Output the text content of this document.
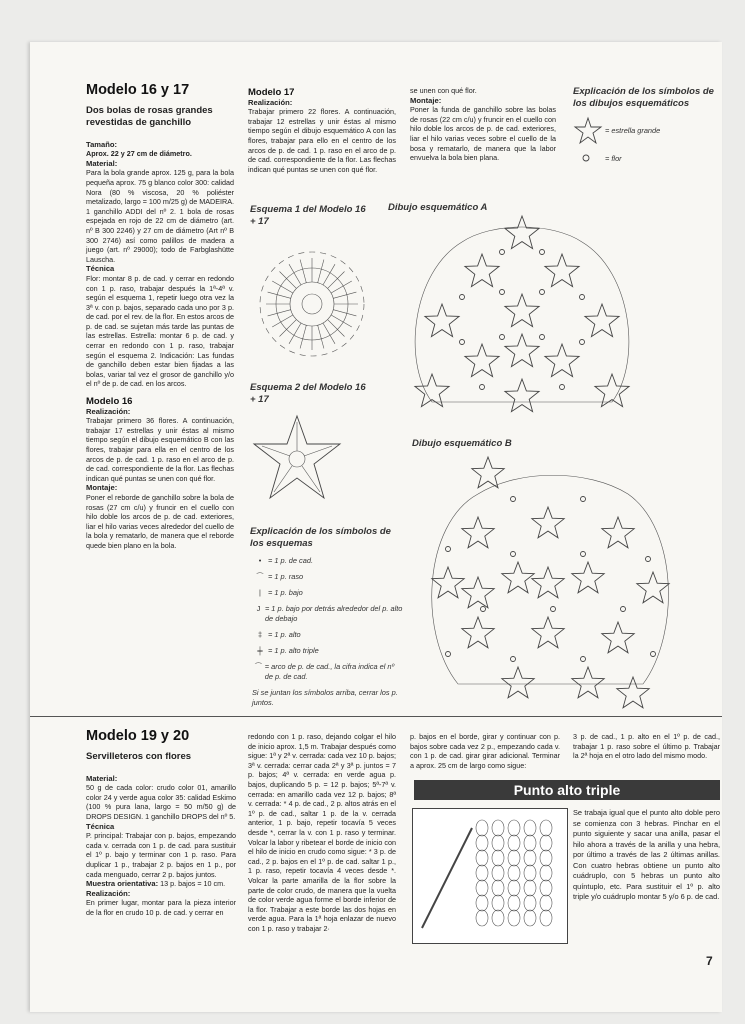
Modelo 16 y 17
Dos bolas de rosas grandes revestidas de ganchillo
Tamaño:

Aprox. 22 y 27 cm de diámetro.

Material:

Para la bola grande aprox. 125 g, para la bola pequeña aprox. 75 g blanco color 300: calidad Nora (80 % viscosa, 20 % poliéster metalizado, largo = 100 m/25 g) de MADEIRA. 1 ganchillo ADDI del nº 2. 1 bola de rosas espejada en rojo de 22 cm de diámetro (art. nº B 300 2246) y 27 cm de diámetro (Art nº B 300 2746) así como palillos de madera a juego (art. nº 29000); todo de Farbglashütte Lauscha.

Técnica

Flor: montar 8 p. de cad. y cerrar en redondo con 1 p. raso, trabajar después la 1ª-4ª v. según el esquema 1, repetir luego otra vez la 3ª v. con p. bajos, separado cada uno por 3 p. de cad. por el rev. de la flor. En estos arcos de p. de cad. se sujetan más tarde las puntas de las estrellas. Estrella: montar 6 p. de cad. y cerrar en redondo con 1 p. raso, trabajar según el esquema 2. Indicación: Las fundas de ganchillo deben estar bien fijadas a las bolas, variar tal vez el grosor de ganchillo y/o el nº de p. de cad. en los arcos.

Modelo 16
Realización:

Trabajar primero 36 flores. A continuación, trabajar 17 estrellas y unir éstas al mismo tiempo según el dibujo esquemático B con las flores, trabajar para ella en el centro de los arcos de p. de cad. 1 p. raso en el arco de p. de cad. correspondiente de la flor. Las flechas indican qué puntas se unen con qué flor.

Montaje:

Poner el reborde de ganchillo sobre la bola de rosas (27 cm c/u) y fruncir en el cuello con hilo doble los arcos de p. de cad. exteriores, liar el hilo varias veces alrededor del cuello de la bola y rematarlo, de manera que el reborde quede bien plano en la bola.

Modelo 17
Realización:

Trabajar primero 22 flores. A continuación, trabajar 12 estrellas y unir éstas al mismo tiempo según el dibujo esquemático A con las flores, trabajar para ello en el centro de los arcos de p. de cad. 1 p. raso en el arco de p. de cad. correspondiente de la flor. Las flechas indican qué puntas se unen con qué flor.

se unen con qué flor.

Montaje:

Poner la funda de ganchillo sobre las bolas de rosas (22 cm c/u) y fruncir en el cuello con hilo doble los arcos de p. de cad. exteriores, liar el hilo varias veces sobre el cuello de la bosa y rematarlo, de manera que la labor envuelva la bola bien plana.

Explicación de los símbolos de los dibujos esquemáticos
= estrella grande
= flor
Esquema 1 del Modelo 16 + 17
Esquema 2 del Modelo 16 + 17
Dibujo esquemático A
Dibujo esquemático B
Explicación de los símbolos de los esquemas
• = 1 p. de cad.
⌒ = 1 p. raso
| = 1 p. bajo
J = 1 p. bajo por detrás alrededor del p. alto de debajo
‡ = 1 p. alto
╪ = 1 p. alto triple
⌒ = arco de p. de cad., la cifra indica el nº de p. de cad.
Si se juntan los símbolos arriba, cerrar los p. juntos.
Modelo 19 y 20
Servilleteros con flores
Material:

50 g de cada color: crudo color 01, amarillo color 24 y verde agua color 35: calidad Eskimo (100 % pura lana, largo = 50 m/50 g) de DROPS DESIGN. 1 ganchillo DROPS del nº 5.

Técnica

P. principal: Trabajar con p. bajos, empezando cada v. cerrada con 1 p. de cad. para sustituir el 1º p. bajo y terminar con 1 p. raso. Para duplicar 1 p., trabajar 2 p. bajos en 1 p., por cada menguado, cerrar 2 p. bajos juntos.

Muestra orientativa: 13 p. bajos = 10 cm.

Realización:

En primer lugar, montar para la pieza interior de la flor en crudo 10 p. de cad. y cerrar en

redondo con 1 p. raso, dejando colgar el hilo de inicio aprox. 1,5 m. Trabajar después como sigue: 1ª y 2ª v. cerrada: cada vez 10 p. bajos; 3ª v. cerrada: cerrar cada 2ª y 3ª p. juntos = 7 p. bajos; 4ª v. cerrada: en verde agua p. bajos, duplicando 5 p. = 12 p. bajos; 5ª-7ª v. cerrada: en amarillo cada vez 12 p. bajos; 8ª v. cerrada: * 4 p. de cad., 2 p. altos atrás en el 1º p. de cad., saltar 1 p. de la v. cerrada anterior, 1 p. bajo, repetir tocavía 5 veces desde *, cerrar la v. con 1 p. raso y terminar. Volcar la labor y ribetear el borde de inicio con el hilo de inicio en crudo como sigue: * 3 p. de cad., 2 p. bajos en el 1º p. de cad. saltar 1 p., 1 p. raso, repetir tocavía 4 veces desde *. Volcar la parte amarilla de la flor sobre la parte de color crudo, de manera que la vuelta de color verde agua forme el borde inferior de la flor. Trabajar a este borde las dos hojas en verde agua. Para la 1ª hoja enlazar de nuevo con 1 p. raso y trabajar 2·

p. bajos en el borde, girar y continuar con p. bajos sobre cada vez 2 p., empezando cada v. con 1 p. de cad. girar girar adicional. Terminar a aprox. 25 cm de largo como sigue:

3 p. de cad., 1 p. alto en el 1º p. de cad., trabajar 1 p. raso sobre el último p. Trabajar la 2ª hoja en el otro lado del mismo modo.

Punto alto triple

Se trabaja igual que el punto alto doble pero se comienza con 3 hebras. Pinchar en el punto siguiente y sacar una anilla, pasar el hilo ahora a través de la anilla y una hebra, por último a través de las 2 últimas anillas. Con cuatro hebras obtiene un punto alto cuádruplo, con 5 hebras un punto alto quíntuplo, etc. Para sustituir el 1º p. alto triple y/o cuádruplo montar 5 y/o 6 p. de cad.

7
